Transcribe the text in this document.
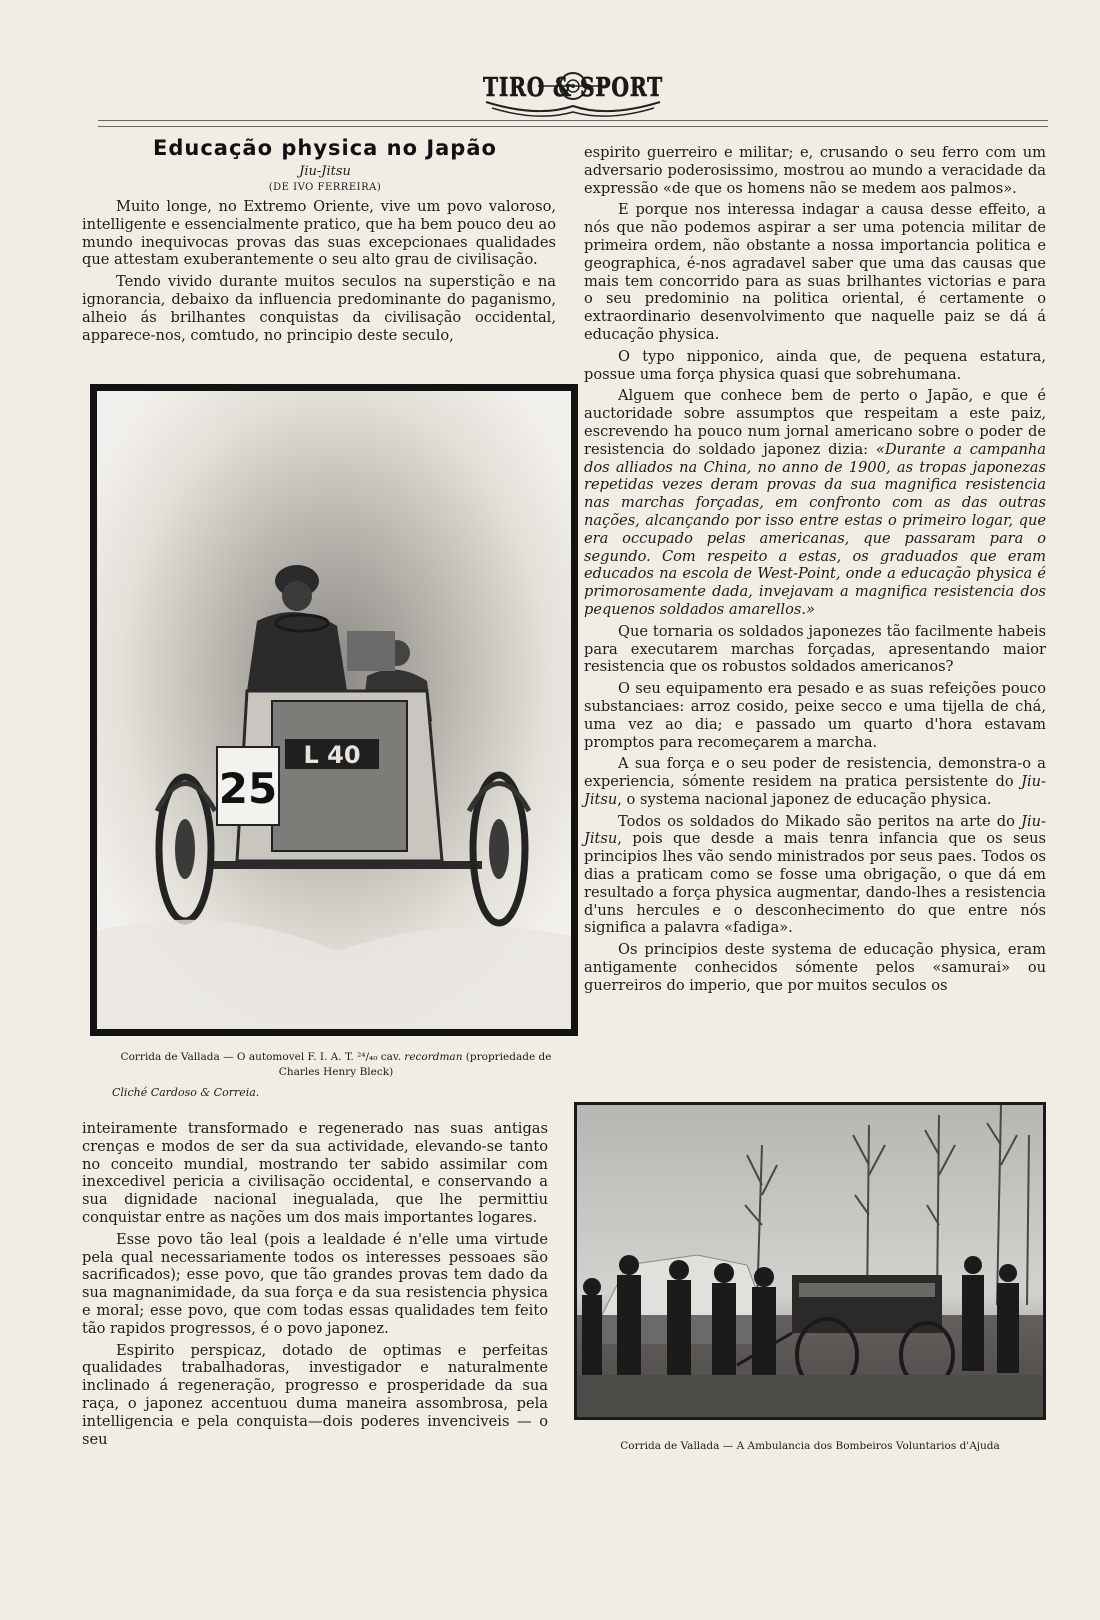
TIRO & SPORT
Educação physica no Japão
Jiu-Jitsu
(DE IVO FERREIRA)

Muito longe, no Extremo Oriente, vive um povo valoroso, intelligente e essencialmente pratico, que ha bem pouco deu ao mundo inequivocas provas das suas excepcionaes qualidades que attestam exuberantemente o seu alto grau de civilisação.

Tendo vivido durante muitos seculos na superstição e na ignorancia, debaixo da influencia predominante do paganismo, alheio ás brilhantes conquistas da civilisação occidental, apparece-nos, comtudo, no principio deste seculo,

L 40
25
Corrida de Vallada — O automovel F. I. A. T. ²⁴/₄₀ cav. recordman (propriedade de Charles Henry Bleck)
Cliché Cardoso & Correia.

espirito guerreiro e militar; e, crusando o seu ferro com um adversario poderosissimo, mostrou ao mundo a veracidade da expressão «de que os homens não se medem aos palmos».

E porque nos interessa indagar a causa desse effeito, a nós que não podemos aspirar a ser uma potencia militar de primeira ordem, não obstante a nossa importancia politica e geographica, é-nos agradavel saber que uma das causas que mais tem concorrido para as suas brilhantes victorias e para o seu predominio na politica oriental, é certamente o extraordinario desenvolvimento que naquelle paiz se dá á educação physica.

O typo nipponico, ainda que, de pequena estatura, possue uma força physica quasi que sobrehumana.

Alguem que conhece bem de perto o Japão, e que é auctoridade sobre assumptos que respeitam a este paiz, escrevendo ha pouco num jornal americano sobre o poder de resistencia do soldado japonez dizia: «Durante a campanha dos alliados na China, no anno de 1900, as tropas japonezas repetidas vezes deram provas da sua magnifica resistencia nas marchas forçadas, em confronto com as das outras nações, alcançando por isso entre estas o primeiro logar, que era occupado pelas americanas, que passaram para o segundo. Com respeito a estas, os graduados que eram educados na escola de West-Point, onde a educação physica é primorosamente dada, invejavam a magnifica resistencia dos pequenos soldados amarellos.»

Que tornaria os soldados japonezes tão facilmente habeis para executarem marchas forçadas, apresentando maior resistencia que os robustos soldados americanos?

O seu equipamento era pesado e as suas refeições pouco substanciaes: arroz cosido, peixe secco e uma tijella de chá, uma vez ao dia; e passado um quarto d'hora estavam promptos para recomeçarem a marcha.

A sua força e o seu poder de resistencia, demonstra-o a experiencia, sómente residem na pratica persistente do Jiu-Jitsu, o systema nacional japonez de educação physica.

Todos os soldados do Mikado são peritos na arte do Jiu-Jitsu, pois que desde a mais tenra infancia que os seus principios lhes vão sendo ministrados por seus paes. Todos os dias a praticam como se fosse uma obrigação, o que dá em resultado a força physica augmentar, dando-lhes a resistencia d'uns hercules e o desconhecimento do que entre nós significa a palavra «fadiga».

Os principios deste systema de educação physica, eram antigamente conhecidos sómente pelos «samurai» ou guerreiros do imperio, que por muitos seculos os

inteiramente transformado e regenerado nas suas antigas crenças e modos de ser da sua actividade, elevando-se tanto no conceito mundial, mostrando ter sabido assimilar com inexcedivel pericia a civilisação occidental, e conservando a sua dignidade nacional inegualada, que lhe permittiu conquistar entre as nações um dos mais importantes logares.

Esse povo tão leal (pois a lealdade é n'elle uma virtude pela qual necessariamente todos os interesses pessoaes são sacrificados); esse povo, que tão grandes provas tem dado da sua magnanimidade, da sua força e da sua resistencia physica e moral; esse povo, que com todas essas qualidades tem feito tão rapidos progressos, é o povo japonez.

Espirito perspicaz, dotado de optimas e perfeitas qualidades trabalhadoras, investigador e naturalmente inclinado á regeneração, progresso e prosperidade da sua raça, o japonez accentuou duma maneira assombrosa, pela intelligencia e pela conquista—dois poderes invenciveis — o seu	Corrida de Vallada — A Ambulancia dos Bombeiros Voluntarios d'Ajuda
